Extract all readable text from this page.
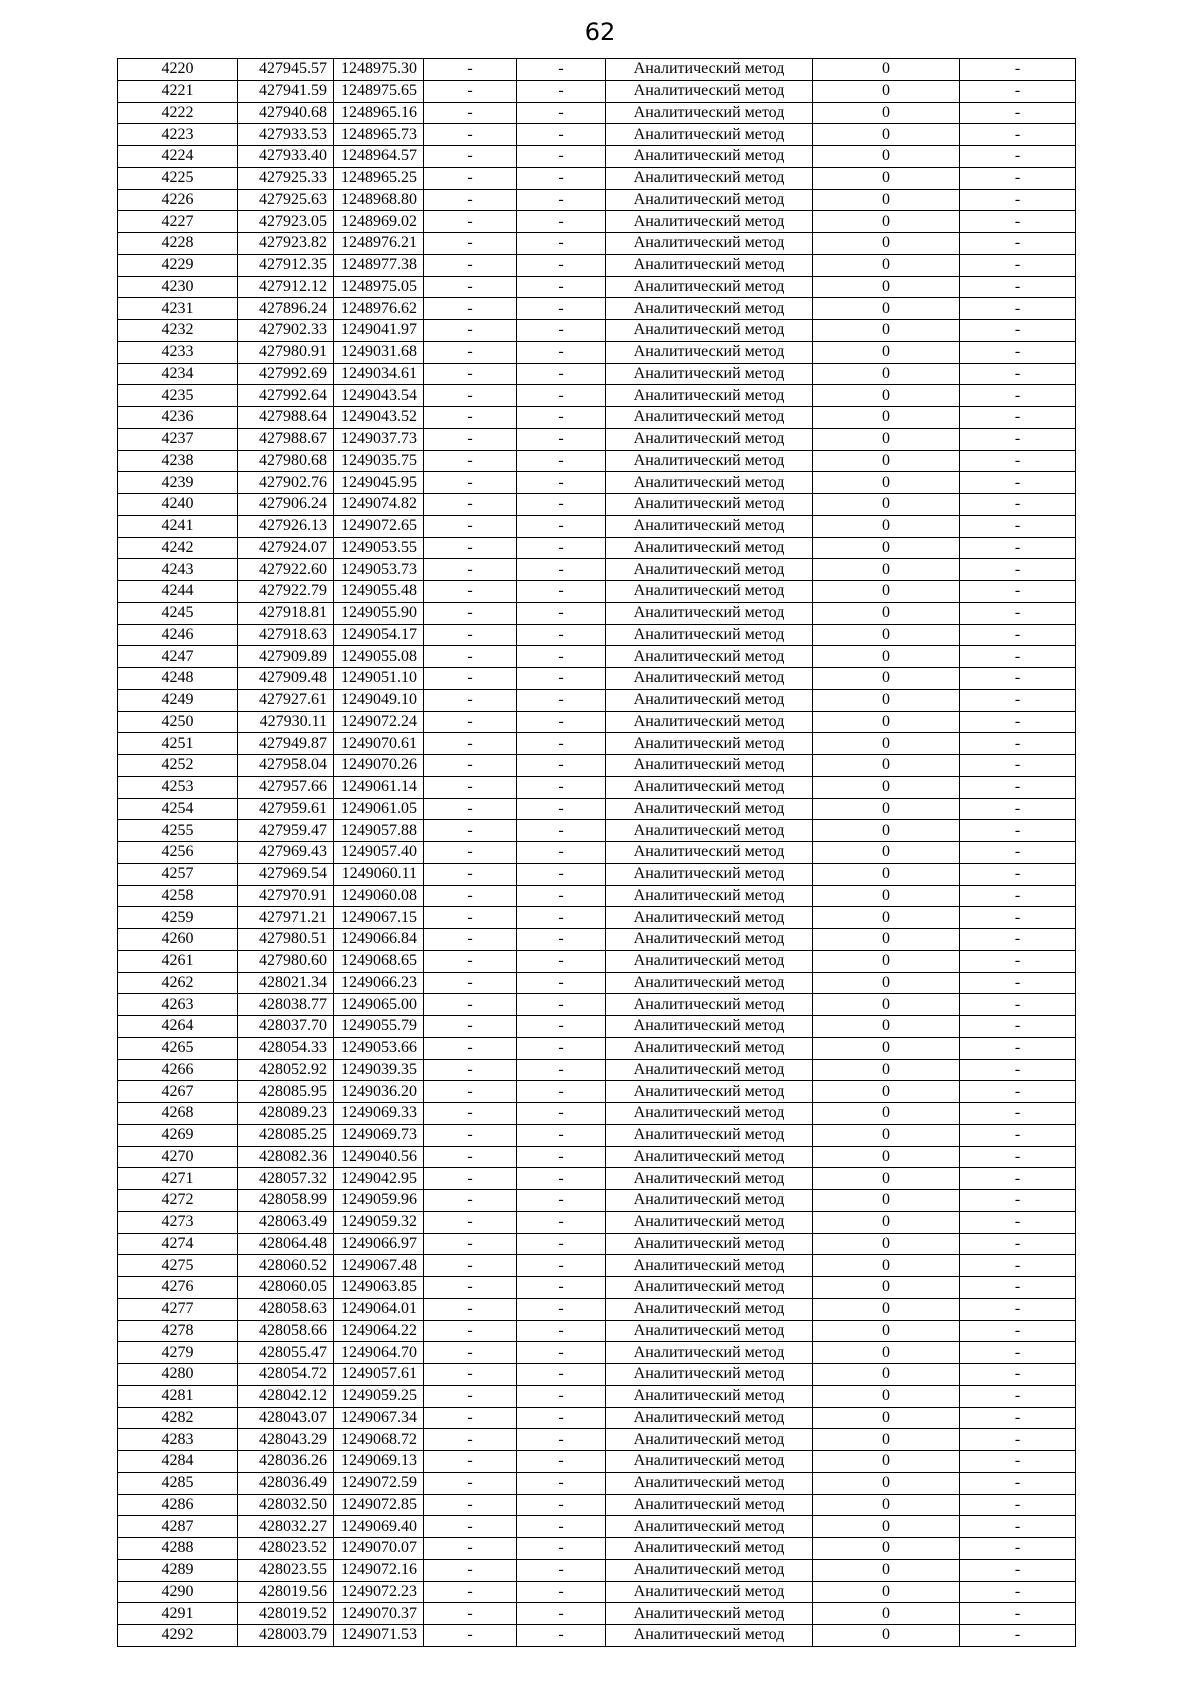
62
4220	427945.57	1248975.30	-	-	Аналитический метод	0	-
4221	427941.59	1248975.65	-	-	Аналитический метод	0	-
4222	427940.68	1248965.16	-	-	Аналитический метод	0	-
4223	427933.53	1248965.73	-	-	Аналитический метод	0	-
4224	427933.40	1248964.57	-	-	Аналитический метод	0	-
4225	427925.33	1248965.25	-	-	Аналитический метод	0	-
4226	427925.63	1248968.80	-	-	Аналитический метод	0	-
4227	427923.05	1248969.02	-	-	Аналитический метод	0	-
4228	427923.82	1248976.21	-	-	Аналитический метод	0	-
4229	427912.35	1248977.38	-	-	Аналитический метод	0	-
4230	427912.12	1248975.05	-	-	Аналитический метод	0	-
4231	427896.24	1248976.62	-	-	Аналитический метод	0	-
4232	427902.33	1249041.97	-	-	Аналитический метод	0	-
4233	427980.91	1249031.68	-	-	Аналитический метод	0	-
4234	427992.69	1249034.61	-	-	Аналитический метод	0	-
4235	427992.64	1249043.54	-	-	Аналитический метод	0	-
4236	427988.64	1249043.52	-	-	Аналитический метод	0	-
4237	427988.67	1249037.73	-	-	Аналитический метод	0	-
4238	427980.68	1249035.75	-	-	Аналитический метод	0	-
4239	427902.76	1249045.95	-	-	Аналитический метод	0	-
4240	427906.24	1249074.82	-	-	Аналитический метод	0	-
4241	427926.13	1249072.65	-	-	Аналитический метод	0	-
4242	427924.07	1249053.55	-	-	Аналитический метод	0	-
4243	427922.60	1249053.73	-	-	Аналитический метод	0	-
4244	427922.79	1249055.48	-	-	Аналитический метод	0	-
4245	427918.81	1249055.90	-	-	Аналитический метод	0	-
4246	427918.63	1249054.17	-	-	Аналитический метод	0	-
4247	427909.89	1249055.08	-	-	Аналитический метод	0	-
4248	427909.48	1249051.10	-	-	Аналитический метод	0	-
4249	427927.61	1249049.10	-	-	Аналитический метод	0	-
4250	427930.11	1249072.24	-	-	Аналитический метод	0	-
4251	427949.87	1249070.61	-	-	Аналитический метод	0	-
4252	427958.04	1249070.26	-	-	Аналитический метод	0	-
4253	427957.66	1249061.14	-	-	Аналитический метод	0	-
4254	427959.61	1249061.05	-	-	Аналитический метод	0	-
4255	427959.47	1249057.88	-	-	Аналитический метод	0	-
4256	427969.43	1249057.40	-	-	Аналитический метод	0	-
4257	427969.54	1249060.11	-	-	Аналитический метод	0	-
4258	427970.91	1249060.08	-	-	Аналитический метод	0	-
4259	427971.21	1249067.15	-	-	Аналитический метод	0	-
4260	427980.51	1249066.84	-	-	Аналитический метод	0	-
4261	427980.60	1249068.65	-	-	Аналитический метод	0	-
4262	428021.34	1249066.23	-	-	Аналитический метод	0	-
4263	428038.77	1249065.00	-	-	Аналитический метод	0	-
4264	428037.70	1249055.79	-	-	Аналитический метод	0	-
4265	428054.33	1249053.66	-	-	Аналитический метод	0	-
4266	428052.92	1249039.35	-	-	Аналитический метод	0	-
4267	428085.95	1249036.20	-	-	Аналитический метод	0	-
4268	428089.23	1249069.33	-	-	Аналитический метод	0	-
4269	428085.25	1249069.73	-	-	Аналитический метод	0	-
4270	428082.36	1249040.56	-	-	Аналитический метод	0	-
4271	428057.32	1249042.95	-	-	Аналитический метод	0	-
4272	428058.99	1249059.96	-	-	Аналитический метод	0	-
4273	428063.49	1249059.32	-	-	Аналитический метод	0	-
4274	428064.48	1249066.97	-	-	Аналитический метод	0	-
4275	428060.52	1249067.48	-	-	Аналитический метод	0	-
4276	428060.05	1249063.85	-	-	Аналитический метод	0	-
4277	428058.63	1249064.01	-	-	Аналитический метод	0	-
4278	428058.66	1249064.22	-	-	Аналитический метод	0	-
4279	428055.47	1249064.70	-	-	Аналитический метод	0	-
4280	428054.72	1249057.61	-	-	Аналитический метод	0	-
4281	428042.12	1249059.25	-	-	Аналитический метод	0	-
4282	428043.07	1249067.34	-	-	Аналитический метод	0	-
4283	428043.29	1249068.72	-	-	Аналитический метод	0	-
4284	428036.26	1249069.13	-	-	Аналитический метод	0	-
4285	428036.49	1249072.59	-	-	Аналитический метод	0	-
4286	428032.50	1249072.85	-	-	Аналитический метод	0	-
4287	428032.27	1249069.40	-	-	Аналитический метод	0	-
4288	428023.52	1249070.07	-	-	Аналитический метод	0	-
4289	428023.55	1249072.16	-	-	Аналитический метод	0	-
4290	428019.56	1249072.23	-	-	Аналитический метод	0	-
4291	428019.52	1249070.37	-	-	Аналитический метод	0	-
4292	428003.79	1249071.53	-	-	Аналитический метод	0	-
